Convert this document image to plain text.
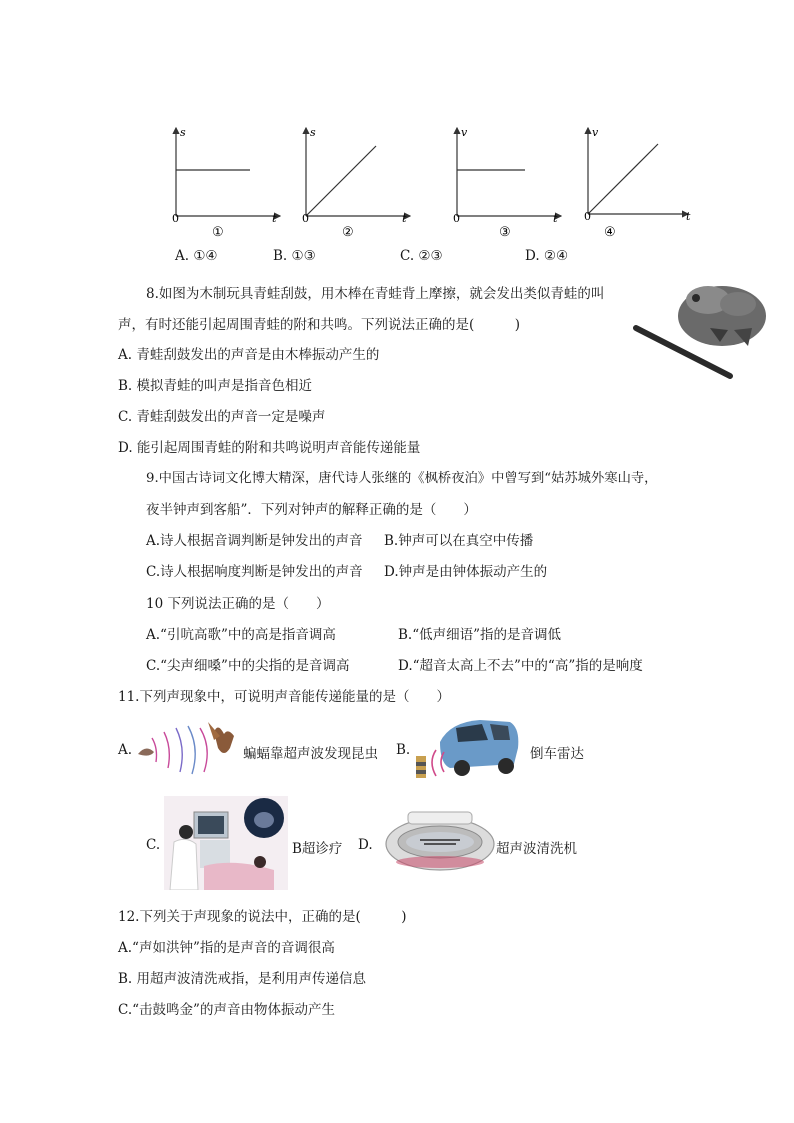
s
t
0
①
s
t
0
②
v
t
0
③
v
t
0
④
A. ①④	B. ①③	C. ②③	D. ②④
8.如图为木制玩具青蛙刮鼓，用木棒在青蛙背上摩擦，就会发出类似青蛙的叫
声，有时还能引起周围青蛙的附和共鸣。下列说法正确的是(　　　)
A. 青蛙刮鼓发出的声音是由木棒振动产生的
B. 模拟青蛙的叫声是指音色相近
C. 青蛙刮鼓发出的声音一定是噪声
D. 能引起周围青蛙的附和共鸣说明声音能传递能量
9.中国古诗词文化博大精深，唐代诗人张继的《枫桥夜泊》中曾写到“姑苏城外寒山寺，
夜半钟声到客船”．下列对钟声的解释正确的是（　　）
A.诗人根据音调判断是钟发出的声音 B.钟声可以在真空中传播
C.诗人根据响度判断是钟发出的声音 D.钟声是由钟体振动产生的
10 下列说法正确的是（　　）
A.“引吭高歌”中的高是指音调高	B.“低声细语”指的是音调低
C.“尖声细嗓”中的尖指的是音调高	D.“超音太高上不去”中的“高”指的是响度
11.下列声现象中，可说明声音能传递能量的是（　　）
A.	蝙蝠靠超声波发现昆虫 B.	倒车雷达
C.	B超诊疗 D.	超声波清洗机
12.下列关于声现象的说法中，正确的是(　　　)
A.“声如洪钟”指的是声音的音调很高
B. 用超声波清洗戒指，是利用声传递信息
C.“击鼓鸣金”的声音由物体振动产生
